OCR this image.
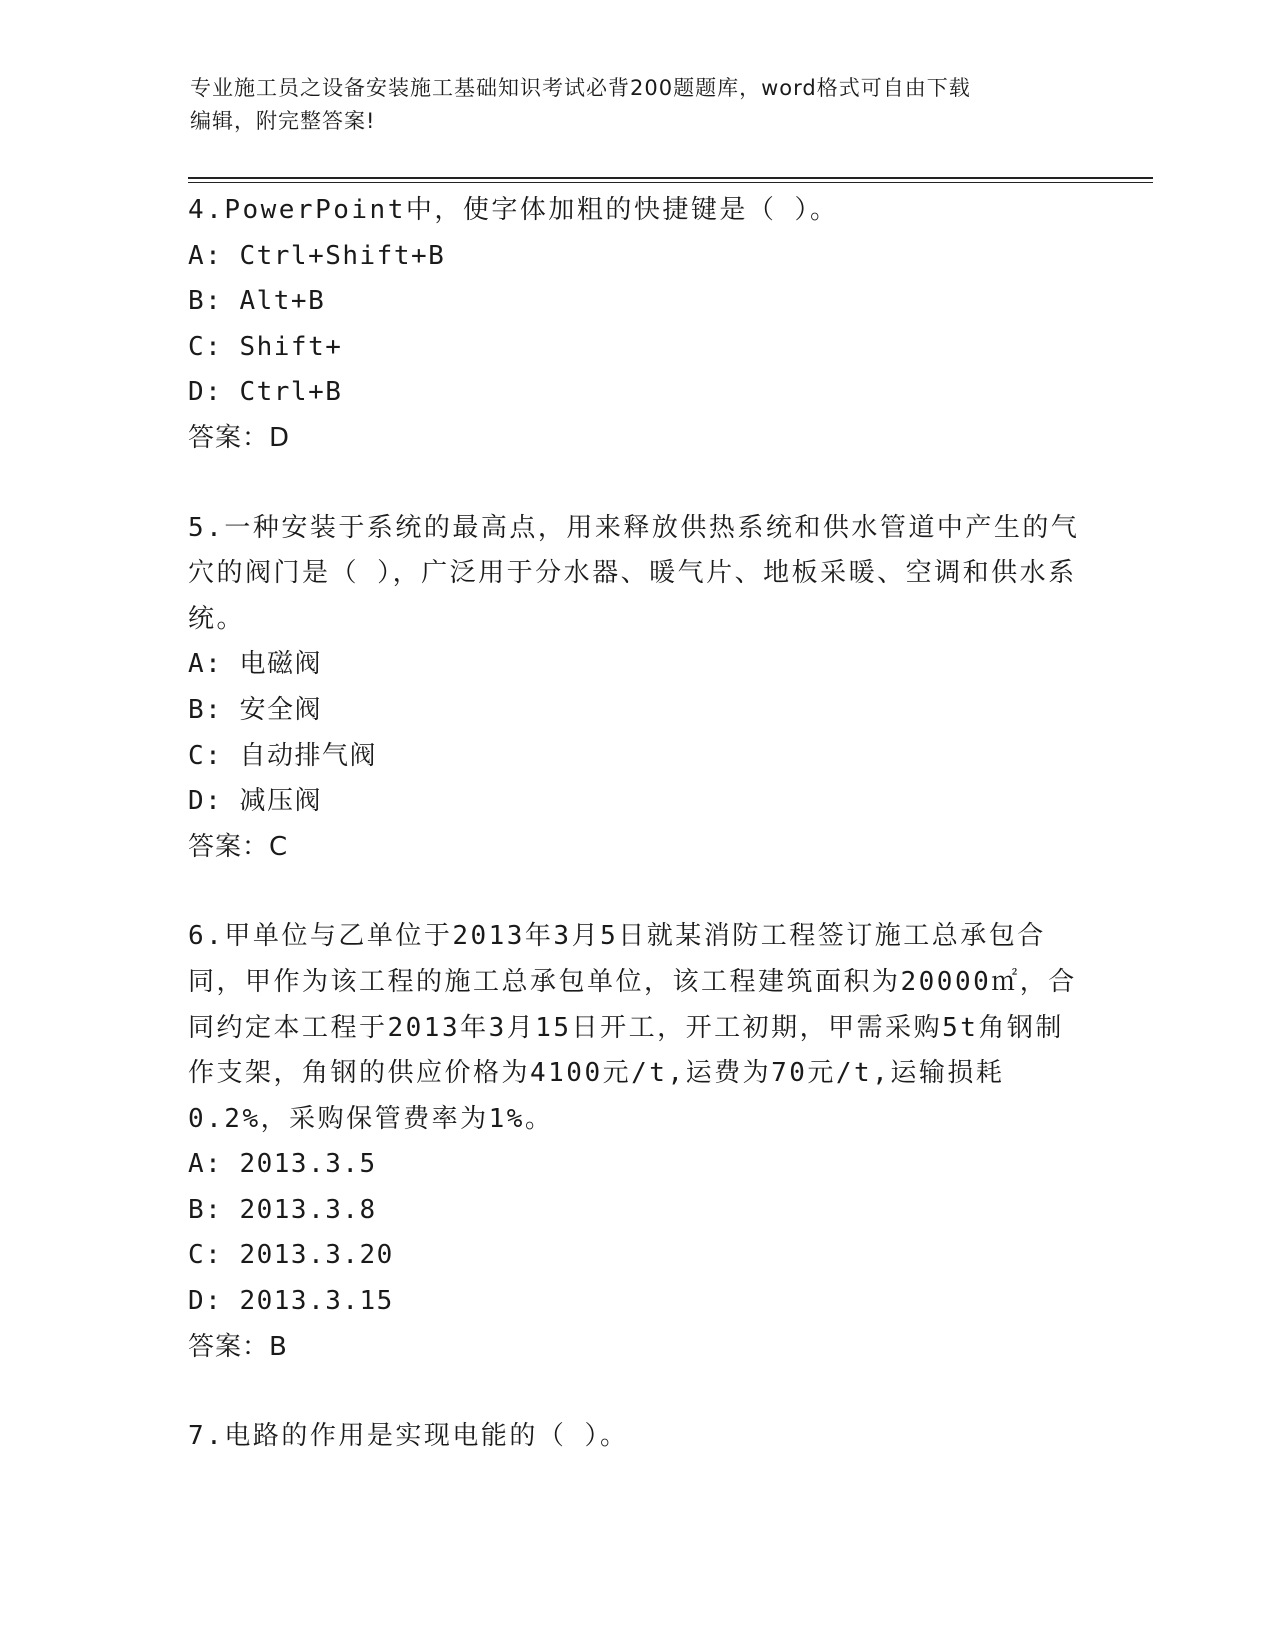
专业施工员之设备安装施工基础知识考试必背200题题库，word格式可自由下载
编辑，附完整答案!
4.PowerPoint中，使字体加粗的快捷键是（ ）。
A: Ctrl+Shift+B
B: Alt+B
C: Shift+
D: Ctrl+B
答案：D
5.一种安装于系统的最高点，用来释放供热系统和供水管道中产生的气穴的阀门是（ ），广泛用于分水器、暖气片、地板采暖、空调和供水系统。
A: 电磁阀
B: 安全阀
C: 自动排气阀
D: 减压阀
答案：C
6.甲单位与乙单位于2013年3月5日就某消防工程签订施工总承包合同，甲作为该工程的施工总承包单位，该工程建筑面积为20000㎡，合同约定本工程于2013年3月15日开工，开工初期，甲需采购5t角钢制作支架，角钢的供应价格为4100元/t,运费为70元/t,运输损耗0.2%，采购保管费率为1%。
A: 2013.3.5
B: 2013.3.8
C: 2013.3.20
D: 2013.3.15
答案：B
7.电路的作用是实现电能的（ ）。
